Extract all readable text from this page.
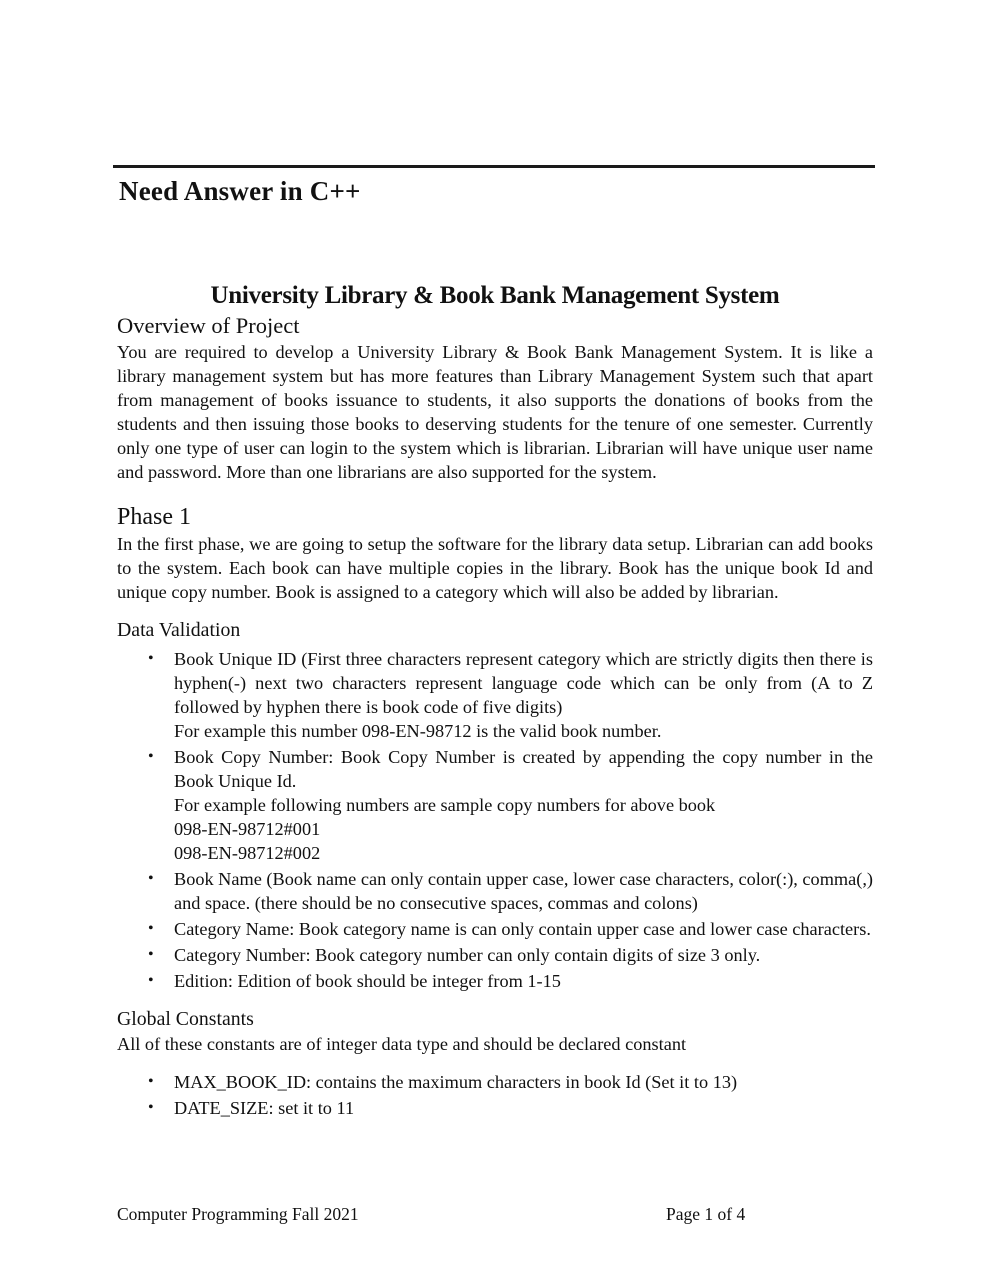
Need Answer in C++
University Library & Book Bank Management System
Overview of Project

You are required to develop a University Library & Book Bank Management System. It is like a library management system but has more features than Library Management System such that apart from management of books issuance to students, it also supports the donations of books from the students and then issuing those books to deserving students for the tenure of one semester. Currently only one type of user can login to the system which is librarian. Librarian will have unique user name and password. More than one librarians are also supported for the system.

Phase 1

In the first phase, we are going to setup the software for the library data setup. Librarian can add books to the system. Each book can have multiple copies in the library. Book has the unique book Id and unique copy number. Book is assigned to a category which will also be added by librarian.

Data Validation
• Book Unique ID (First three characters represent category which are strictly digits then there is hyphen(-) next two characters represent language code which can be only from (A to Z followed by hyphen there is book code of five digits)
For example this number 098-EN-98712 is the valid book number.
• Book Copy Number: Book Copy Number is created by appending the copy number in the Book Unique Id.
For example following numbers are sample copy numbers for above book
098-EN-98712#001
098-EN-98712#002
• Book Name (Book name can only contain upper case, lower case characters, color(:), comma(,) and space. (there should be no consecutive spaces, commas and colons)
• Category Name: Book category name is can only contain upper case and lower case characters.
• Category Number: Book category number can only contain digits of size 3 only.
• Edition: Edition of book should be integer from 1-15
Global Constants

All of these constants are of integer data type and should be declared constant

• MAX_BOOK_ID: contains the maximum characters in book Id (Set it to 13)
• DATE_SIZE: set it to 11
Computer Programming Fall 2021	Page 1 of 4
